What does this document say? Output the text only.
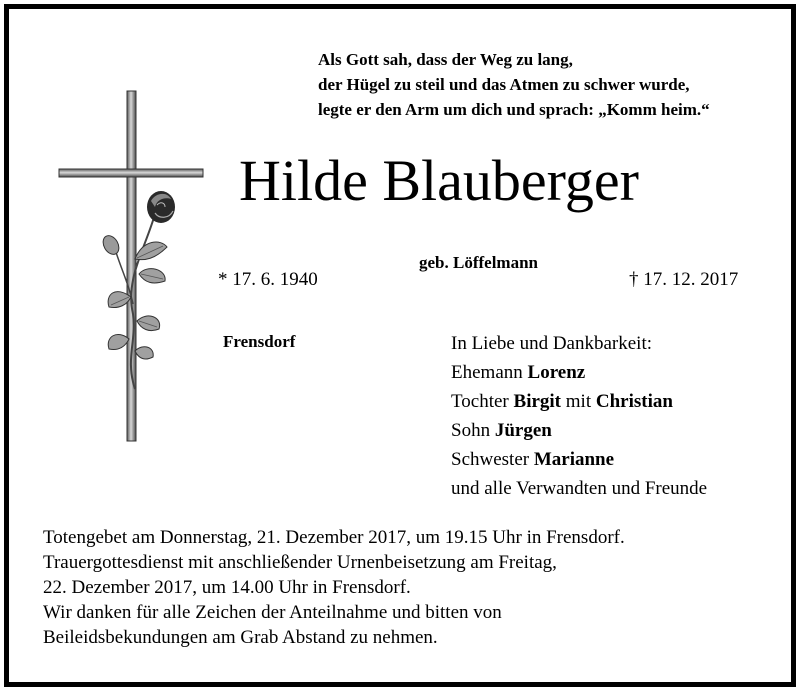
Als Gott sah, dass der Weg zu lang,
der Hügel zu steil und das Atmen zu schwer wurde,
legte er den Arm um dich und sprach: „Komm heim.“
Hilde Blauberger
geb. Löffelmann
* 17. 6. 1940	† 17. 12. 2017
Frensdorf	In Liebe und Dankbarkeit:
Ehemann Lorenz
Tochter Birgit mit Christian
Sohn Jürgen
Schwester Marianne
und alle Verwandten und Freunde
Totengebet am Donnerstag, 21. Dezember 2017, um 19.15 Uhr in Frensdorf.
Trauergottesdienst mit anschließender Urnenbeisetzung am Freitag,
22. Dezember 2017, um 14.00 Uhr in Frensdorf.
Wir danken für alle Zeichen der Anteilnahme und bitten von
Beileidsbekundungen am Grab Abstand zu nehmen.
